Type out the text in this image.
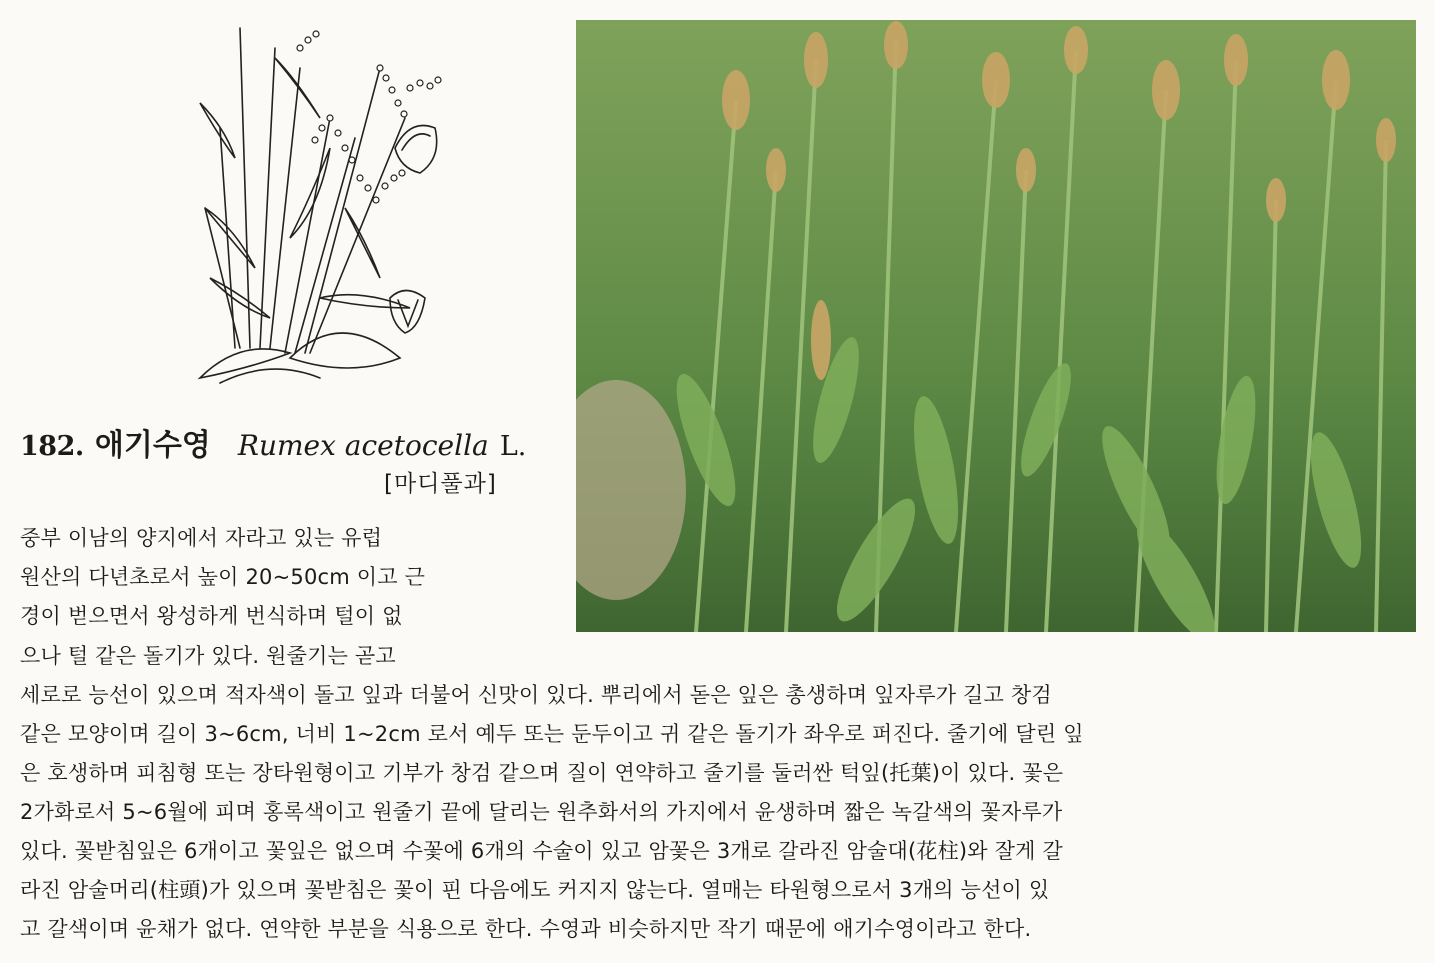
182. 애기수영 Rumex acetocella L.
[마디풀과]

중부 이남의 양지에서 자라고 있는 유럽

원산의 다년초로서 높이 20~50cm 이고 근

경이 벋으면서 왕성하게 번식하며 털이 없

으나 털 같은 돌기가 있다. 원줄기는 곧고

세로로 능선이 있으며 적자색이 돌고 잎과 더불어 신맛이 있다. 뿌리에서 돋은 잎은 총생하며 잎자루가 길고 창검

같은 모양이며 길이 3~6cm, 너비 1~2cm 로서 예두 또는 둔두이고 귀 같은 돌기가 좌우로 퍼진다. 줄기에 달린 잎

은 호생하며 피침형 또는 장타원형이고 기부가 창검 같으며 질이 연약하고 줄기를 둘러싼 턱잎(托葉)이 있다. 꽃은

2가화로서 5~6월에 피며 홍록색이고 원줄기 끝에 달리는 원추화서의 가지에서 윤생하며 짧은 녹갈색의 꽃자루가

있다. 꽃받침잎은 6개이고 꽃잎은 없으며 수꽃에 6개의 수술이 있고 암꽃은 3개로 갈라진 암술대(花柱)와 잘게 갈

라진 암술머리(柱頭)가 있으며 꽃받침은 꽃이 핀 다음에도 커지지 않는다. 열매는 타원형으로서 3개의 능선이 있

고 갈색이며 윤채가 없다. 연약한 부분을 식용으로 한다. 수영과 비슷하지만 작기 때문에 애기수영이라고 한다.
